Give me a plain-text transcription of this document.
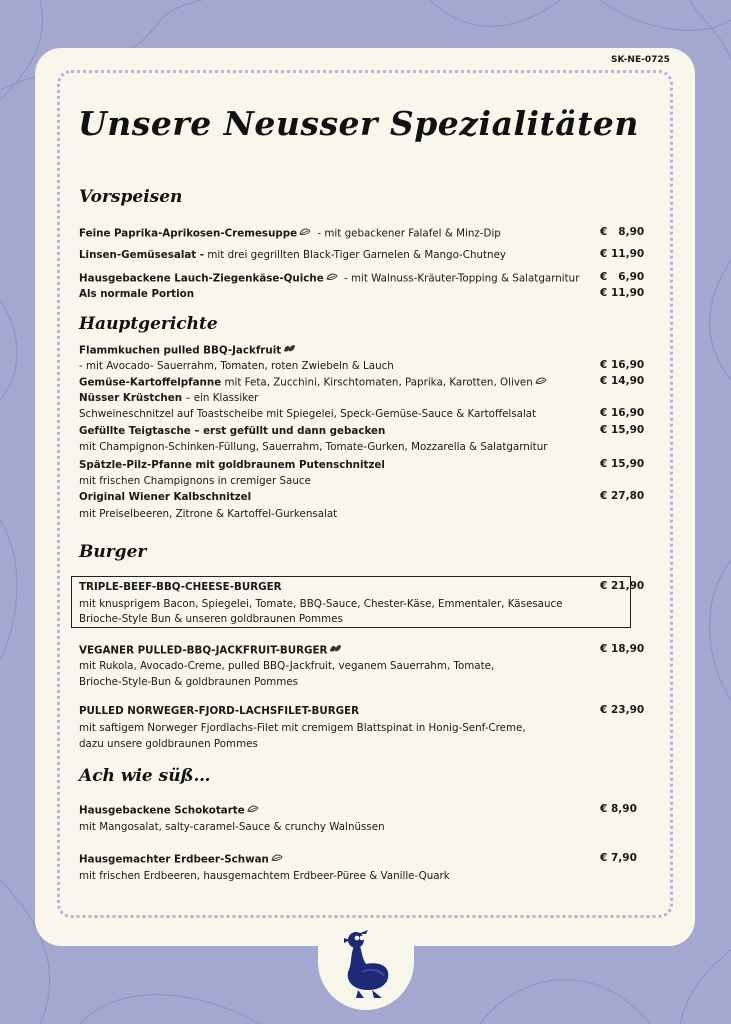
SK-NE-0725
Unsere Neusser Spezialitäten
Vorspeisen
Feine Paprika-Aprikosen-Cremesuppe - mit gebackener Falafel & Minz-Dip	€ 8,90
Linsen-Gemüsesalat - mit drei gegrillten Black-Tiger Garnelen & Mango-Chutney	€ 11,90
Hausgebackene Lauch-Ziegenkäse-Quiche - mit Walnuss-Kräuter-Topping & Salatgarnitur	€ 6,90
Als normale Portion	€ 11,90
Hauptgerichte
Flammkuchen pulled BBQ-Jackfruit
- mit Avocado- Sauerrahm, Tomaten, roten Zwiebeln & Lauch	€ 16,90
Gemüse-Kartoffelpfanne mit Feta, Zucchini, Kirschtomaten, Paprika, Karotten, Oliven	€ 14,90
Nüsser Krüstchen – ein Klassiker
Schweineschnitzel auf Toastscheibe mit Spiegelei, Speck-Gemüse-Sauce & Kartoffelsalat	€ 16,90
Gefüllte Teigtasche – erst gefüllt und dann gebacken	€ 15,90
mit Champignon-Schinken-Füllung, Sauerrahm, Tomate-Gurken, Mozzarella & Salatgarnitur
Spätzle-Pilz-Pfanne mit goldbraunem Putenschnitzel	€ 15,90
mit frischen Champignons in cremiger Sauce
Original Wiener Kalbschnitzel	€ 27,80
mit Preiselbeeren, Zitrone & Kartoffel-Gurkensalat
Burger
TRIPLE-BEEF-BBQ-CHEESE-BURGER	€ 21,90
mit knusprigem Bacon, Spiegelei, Tomate, BBQ-Sauce, Chester-Käse, Emmentaler, Käsesauce
Brioche-Style Bun & unseren goldbraunen Pommes
VEGANER PULLED-BBQ-JACKFRUIT-BURGER	€ 18,90
mit Rukola, Avocado-Creme, pulled BBQ-Jackfruit, veganem Sauerrahm, Tomate,
Brioche-Style-Bun & goldbraunen Pommes
PULLED NORWEGER-FJORD-LACHSFILET-BURGER	€ 23,90
mit saftigem Norweger Fjordlachs-Filet mit cremigem Blattspinat in Honig-Senf-Creme,
dazu unsere goldbraunen Pommes
Ach wie süß…
Hausgebackene Schokotarte	€ 8,90
mit Mangosalat, salty-caramel-Sauce & crunchy Walnüssen
Hausgemachter Erdbeer-Schwan	€ 7,90
mit frischen Erdbeeren, hausgemachtem Erdbeer-Püree & Vanille-Quark
